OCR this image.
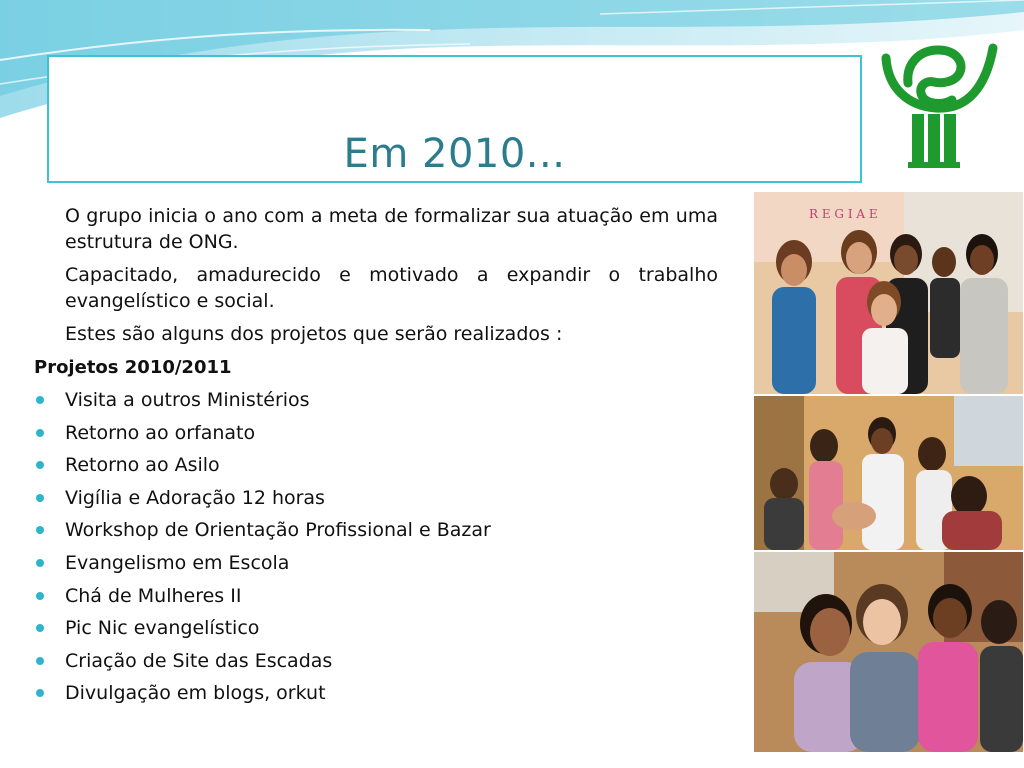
Em 2010...
O grupo inicia o ano com a meta de formalizar sua atuação em uma estrutura de ONG.
Capacitado, amadurecido e motivado a expandir o trabalho evangelístico e social.
Estes são alguns dos projetos que serão realizados :
Projetos 2010/2011
Visita a outros Ministérios
Retorno ao orfanato
Retorno ao Asilo
Vigília e Adoração 12 horas
Workshop de Orientação Profissional e Bazar
Evangelismo em Escola
Chá de Mulheres II
Pic Nic evangelístico
Criação de Site das Escadas
Divulgação em blogs, orkut
R E G I A E
